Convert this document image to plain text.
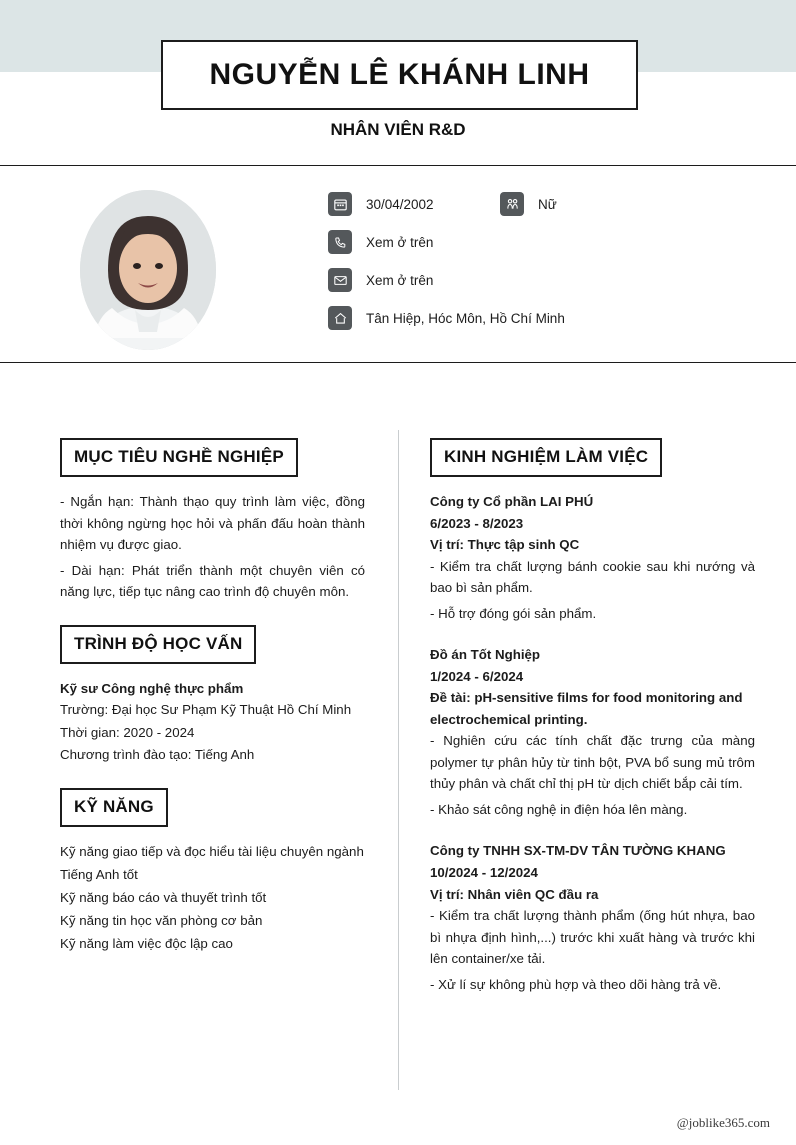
NGUYỄN LÊ KHÁNH LINH
NHÂN VIÊN R&D
30/04/2002	Nữ
Xem ở trên
Xem ở trên
Tân Hiệp, Hóc Môn, Hồ Chí Minh
MỤC TIÊU NGHỀ NGHIỆP

- Ngắn hạn: Thành thạo quy trình làm việc, đồng thời không ngừng học hỏi và phấn đấu hoàn thành nhiệm vụ được giao.

- Dài hạn: Phát triển thành một chuyên viên có năng lực, tiếp tục nâng cao trình độ chuyên môn.

TRÌNH ĐỘ HỌC VẤN

Kỹ sư Công nghệ thực phẩm

Trường: Đại học Sư Phạm Kỹ Thuật Hồ Chí Minh

Thời gian: 2020 - 2024

Chương trình đào tạo: Tiếng Anh

KỸ NĂNG

Kỹ năng giao tiếp và đọc hiểu tài liệu chuyên ngành Tiếng Anh tốt

Kỹ năng báo cáo và thuyết trình tốt

Kỹ năng tin học văn phòng cơ bản

Kỹ năng làm việc độc lập cao

KINH NGHIỆM LÀM VIỆC

Công ty Cổ phần LAI PHÚ

6/2023 - 8/2023

Vị trí: Thực tập sinh QC

- Kiểm tra chất lượng bánh cookie sau khi nướng và bao bì sản phẩm.

- Hỗ trợ đóng gói sản phẩm.

Đồ án Tốt Nghiệp

1/2024 - 6/2024

Đề tài: pH-sensitive films for food monitoring and electrochemical printing.

- Nghiên cứu các tính chất đặc trưng của màng polymer tự phân hủy từ tinh bột, PVA bổ sung mủ trôm thủy phân và chất chỉ thị pH từ dịch chiết bắp cải tím.

- Khảo sát công nghệ in điện hóa lên màng.

Công ty TNHH SX-TM-DV TÂN TƯỜNG KHANG

10/2024 - 12/2024

Vị trí: Nhân viên QC đầu ra

- Kiểm tra chất lượng thành phẩm (ống hút nhựa, bao bì nhựa định hình,...) trước khi xuất hàng và trước khi lên container/xe tải.

- Xử lí sự không phù hợp và theo dõi hàng trả về.

@joblike365.com
